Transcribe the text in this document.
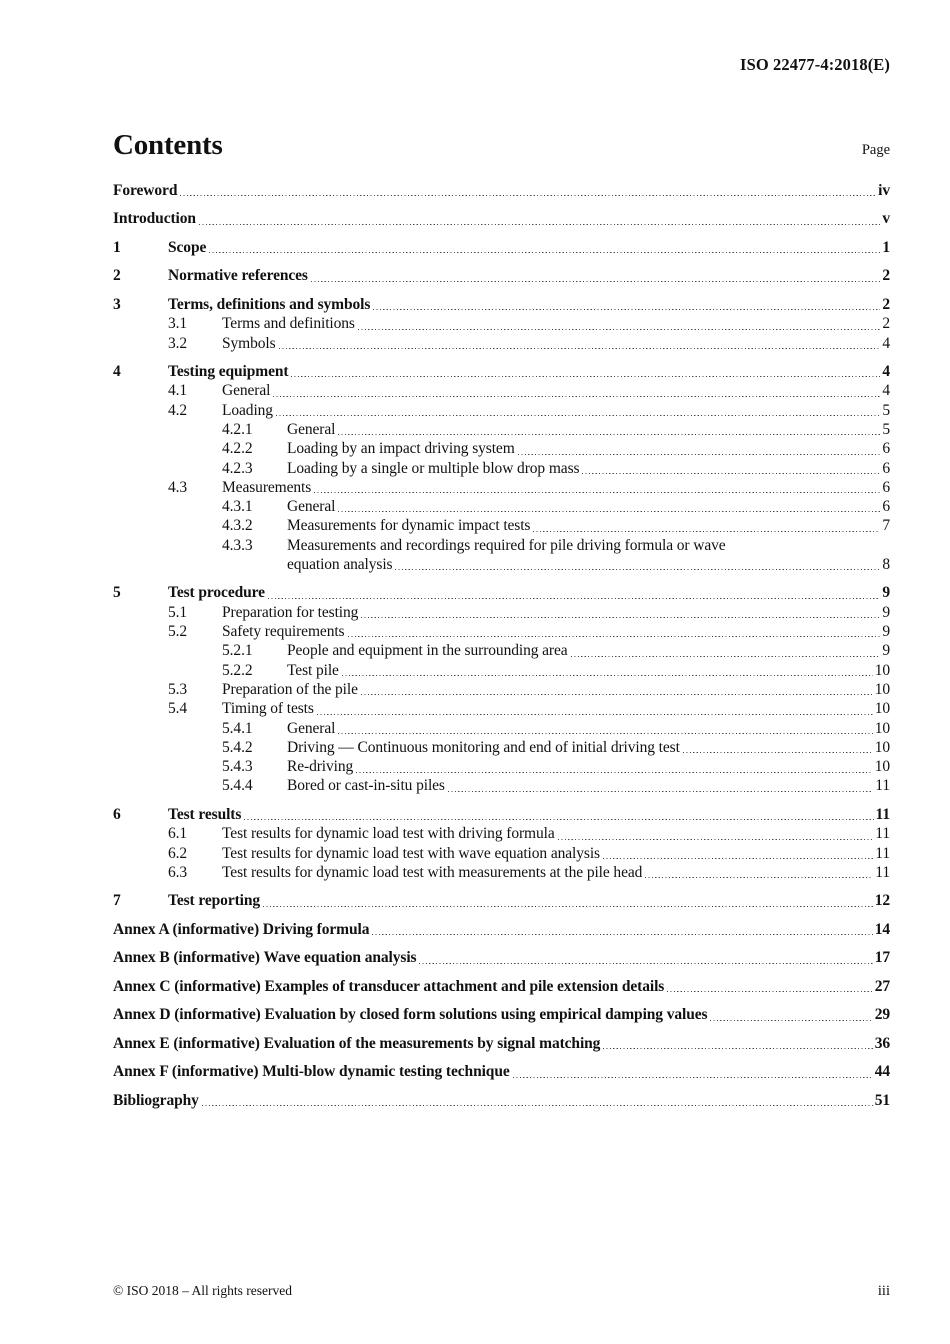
ISO 22477-4:2018(E)
Contents	Page
Foreword	iv
Introduction	v
1	Scope	1
2	Normative references	2
3	Terms, definitions and symbols	2
3.1	Terms and definitions	2
3.2	Symbols	4
4	Testing equipment	4
4.1	General	4
4.2	Loading	5
4.2.1	General	5
4.2.2	Loading by an impact driving system	6
4.2.3	Loading by a single or multiple blow drop mass	6
4.3	Measurements	6
4.3.1	General	6
4.3.2	Measurements for dynamic impact tests	7
4.3.3	Measurements and recordings required for pile driving formula or wave
equation analysis	8
5	Test procedure	9
5.1	Preparation for testing	9
5.2	Safety requirements	9
5.2.1	People and equipment in the surrounding area	9
5.2.2	Test pile	10
5.3	Preparation of the pile	10
5.4	Timing of tests	10
5.4.1	General	10
5.4.2	Driving — Continuous monitoring and end of initial driving test	10
5.4.3	Re-driving	10
5.4.4	Bored or cast-in-situ piles	11
6	Test results	11
6.1	Test results for dynamic load test with driving formula	11
6.2	Test results for dynamic load test with wave equation analysis	11
6.3	Test results for dynamic load test with measurements at the pile head	11
7	Test reporting	12
Annex A (informative) Driving formula	14
Annex B (informative) Wave equation analysis	17
Annex C (informative) Examples of transducer attachment and pile extension details	27
Annex D (informative) Evaluation by closed form solutions using empirical damping values	29
Annex E (informative) Evaluation of the measurements by signal matching	36
Annex F (informative) Multi-blow dynamic testing technique	44
Bibliography	51
© ISO 2018 – All rights reserved	iii
